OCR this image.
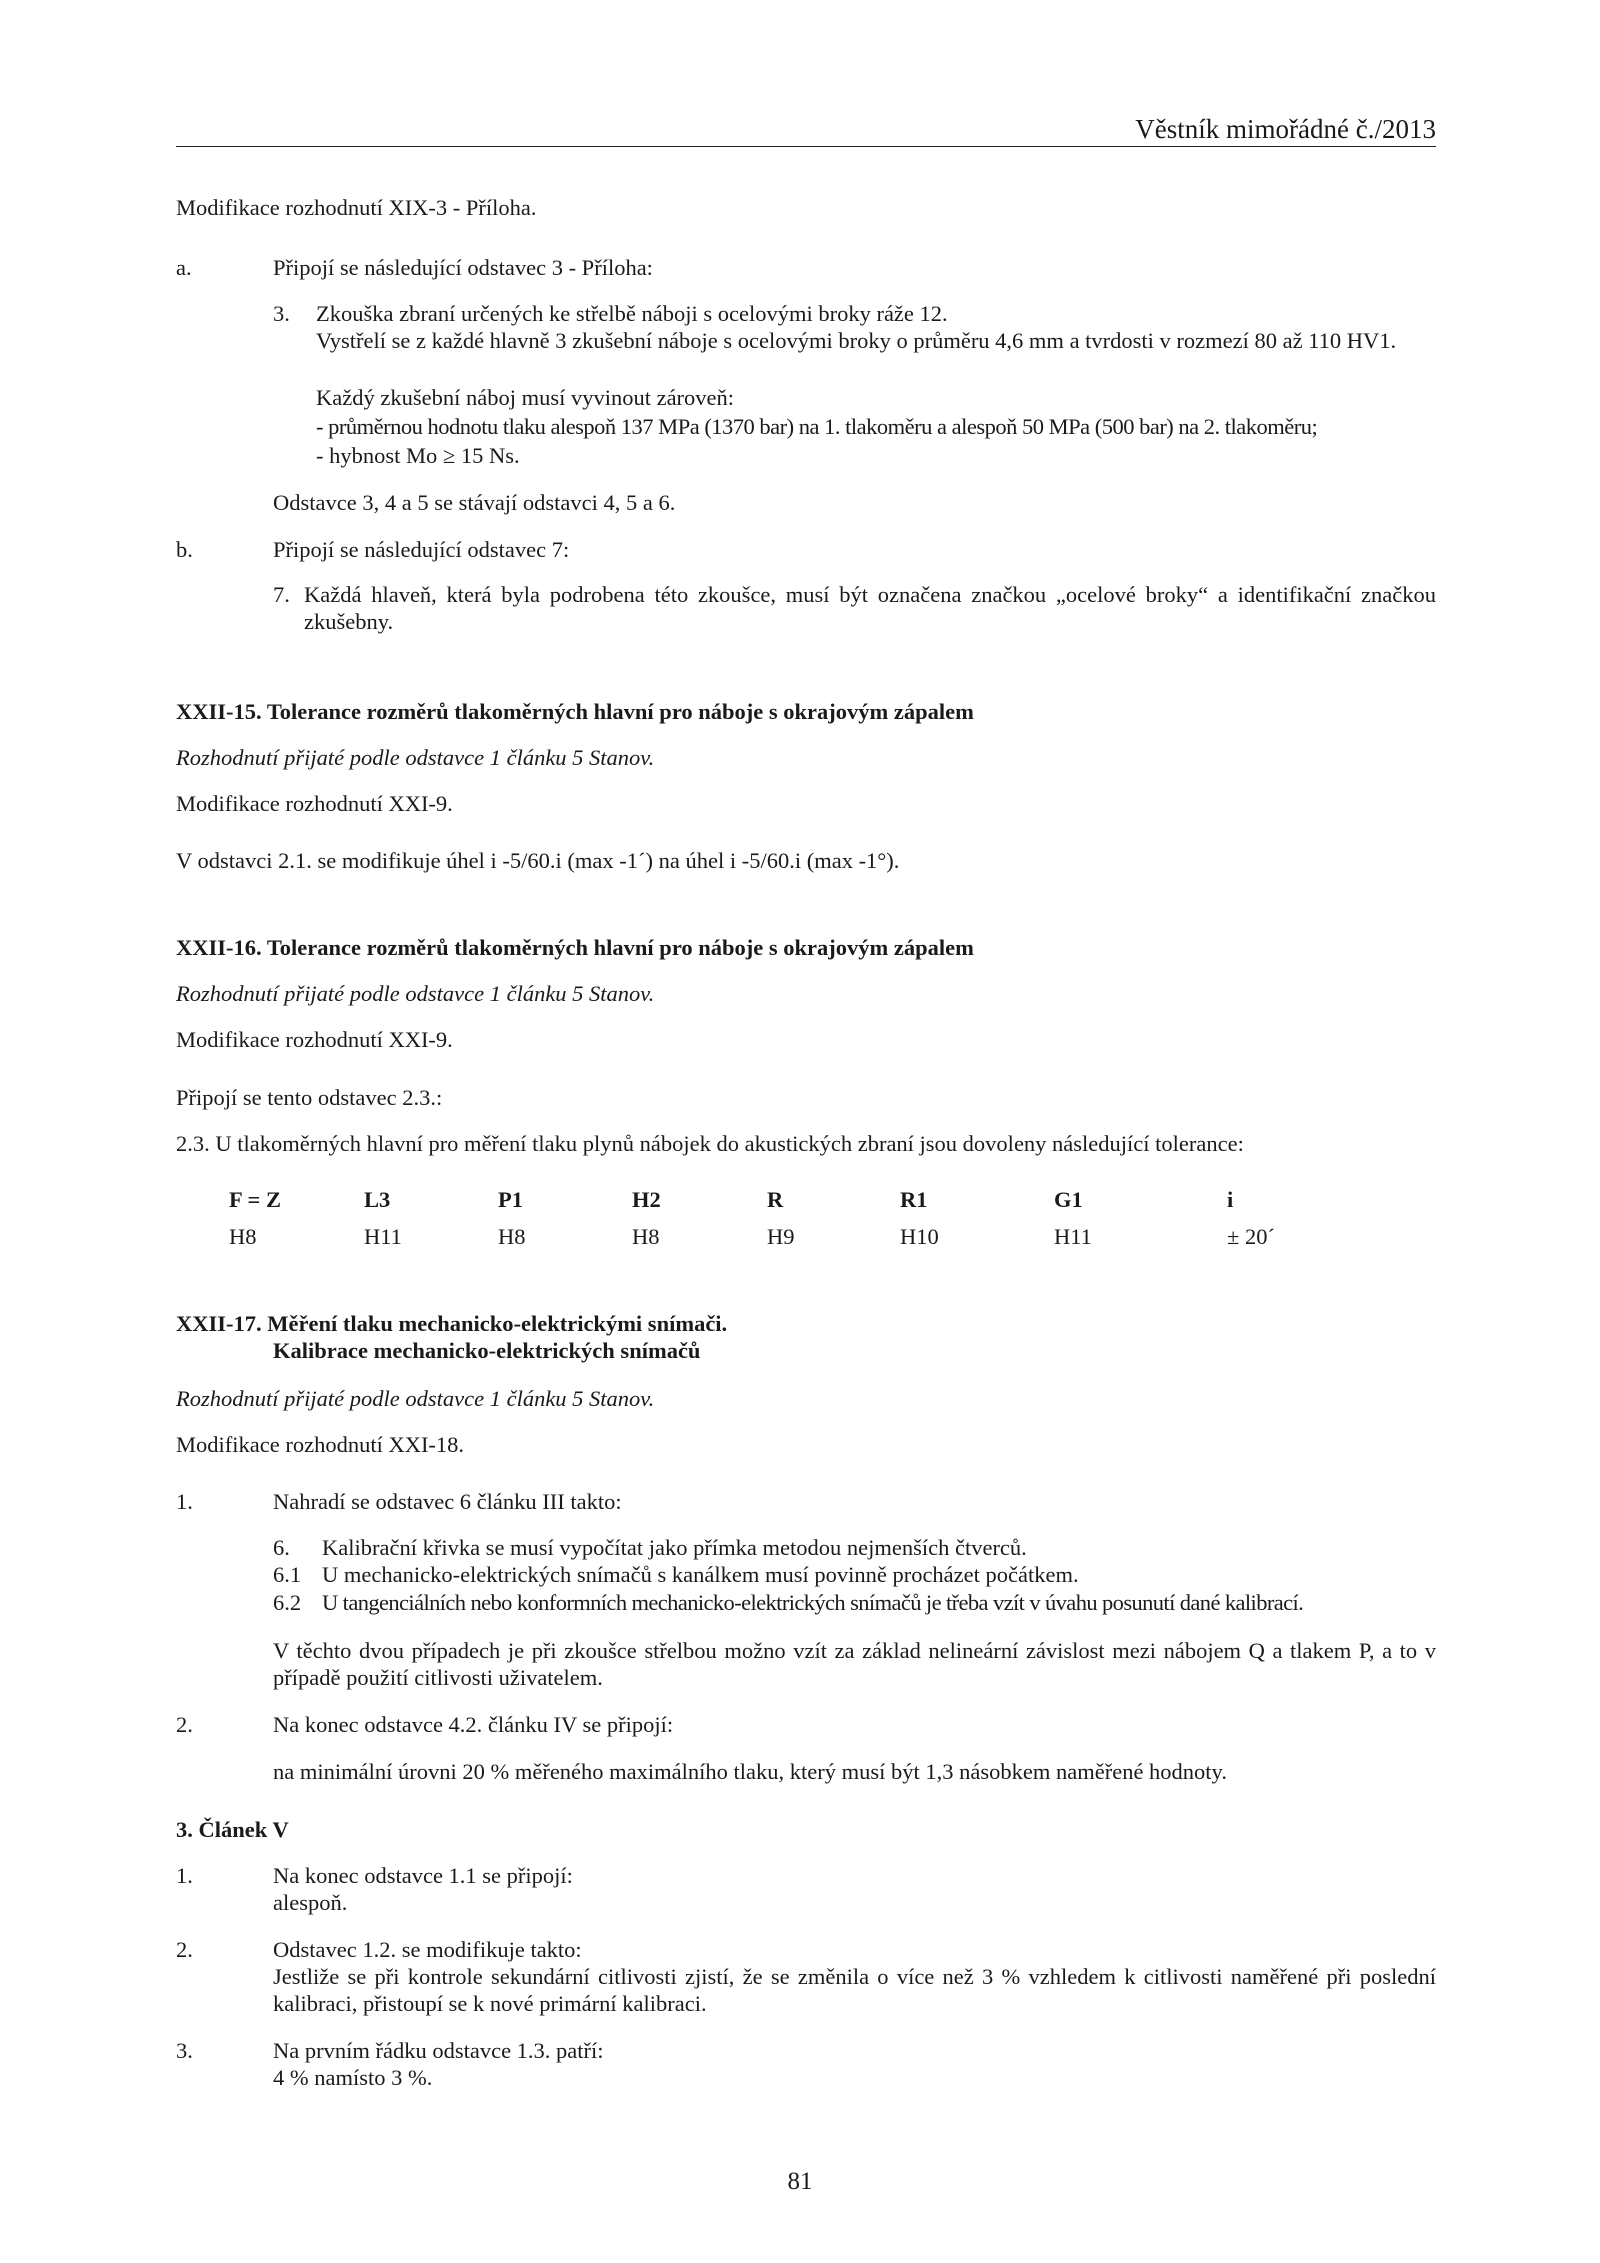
Věstník mimořádné č./2013
Modifikace rozhodnutí XIX-3 - Příloha.
a.	Připojí se následující odstavec 3 - Příloha:
3. Zkouška zbraní určených ke střelbě náboji s ocelovými broky ráže 12.
Vystřelí se z každé hlavně 3 zkušební náboje s ocelovými broky o průměru 4,6 mm a tvrdosti v rozmezí 80 až 110 HV1.
Každý zkušební náboj musí vyvinout zároveň:
- průměrnou hodnotu tlaku alespoň 137 MPa (1370 bar) na 1. tlakoměru a alespoň 50 MPa (500 bar) na 2. tlakoměru;
- hybnost Mo ≥ 15 Ns.
Odstavce 3, 4 a 5 se stávají odstavci 4, 5 a 6.
b.	Připojí se následující odstavec 7:
7. Každá hlaveň, která byla podrobena této zkoušce, musí být označena značkou „ocelové broky“ a identifikační značkou zkušebny.
XXII-15. Tolerance rozměrů tlakoměrných hlavní pro náboje s okrajovým zápalem
Rozhodnutí přijaté podle odstavce 1 článku 5 Stanov.
Modifikace rozhodnutí XXI-9.
V odstavci 2.1. se modifikuje úhel i -5/60.i (max -1´) na úhel i -5/60.i (max -1°).
XXII-16. Tolerance rozměrů tlakoměrných hlavní pro náboje s okrajovým zápalem
Rozhodnutí přijaté podle odstavce 1 článku 5 Stanov.
Modifikace rozhodnutí XXI-9.
Připojí se tento odstavec 2.3.:
2.3. U tlakoměrných hlavní pro měření tlaku plynů nábojek do akustických zbraní jsou dovoleny následující tolerance:
F = Z	L3	P1	H2	R	R1	G1	i
H8	H11	H8	H8	H9	H10	H11	± 20´
XXII-17. Měření tlaku mechanicko-elektrickými snímači.
Kalibrace mechanicko-elektrických snímačů
Rozhodnutí přijaté podle odstavce 1 článku 5 Stanov.
Modifikace rozhodnutí XXI-18.
1.	Nahradí se odstavec 6 článku III takto:
6. Kalibrační křivka se musí vypočítat jako přímka metodou nejmenších čtverců.
6.1 U mechanicko-elektrických snímačů s kanálkem musí povinně procházet počátkem.
6.2 U tangenciálních nebo konformních mechanicko-elektrických snímačů je třeba vzít v úvahu posunutí dané kalibrací.
V těchto dvou případech je při zkoušce střelbou možno vzít za základ nelineární závislost mezi nábojem Q a tlakem P, a to v případě použití citlivosti uživatelem.
2.	Na konec odstavce 4.2. článku IV se připojí:
na minimální úrovni 20 % měřeného maximálního tlaku, který musí být 1,3 násobkem naměřené hodnoty.
3. Článek V
1.	Na konec odstavce 1.1 se připojí:
alespoň.
2.	Odstavec 1.2. se modifikuje takto:
Jestliže se při kontrole sekundární citlivosti zjistí, že se změnila o více než 3 % vzhledem k citlivosti naměřené při poslední kalibraci, přistoupí se k nové primární kalibraci.
3.	Na prvním řádku odstavce 1.3. patří:
4 % namísto 3 %.
81
